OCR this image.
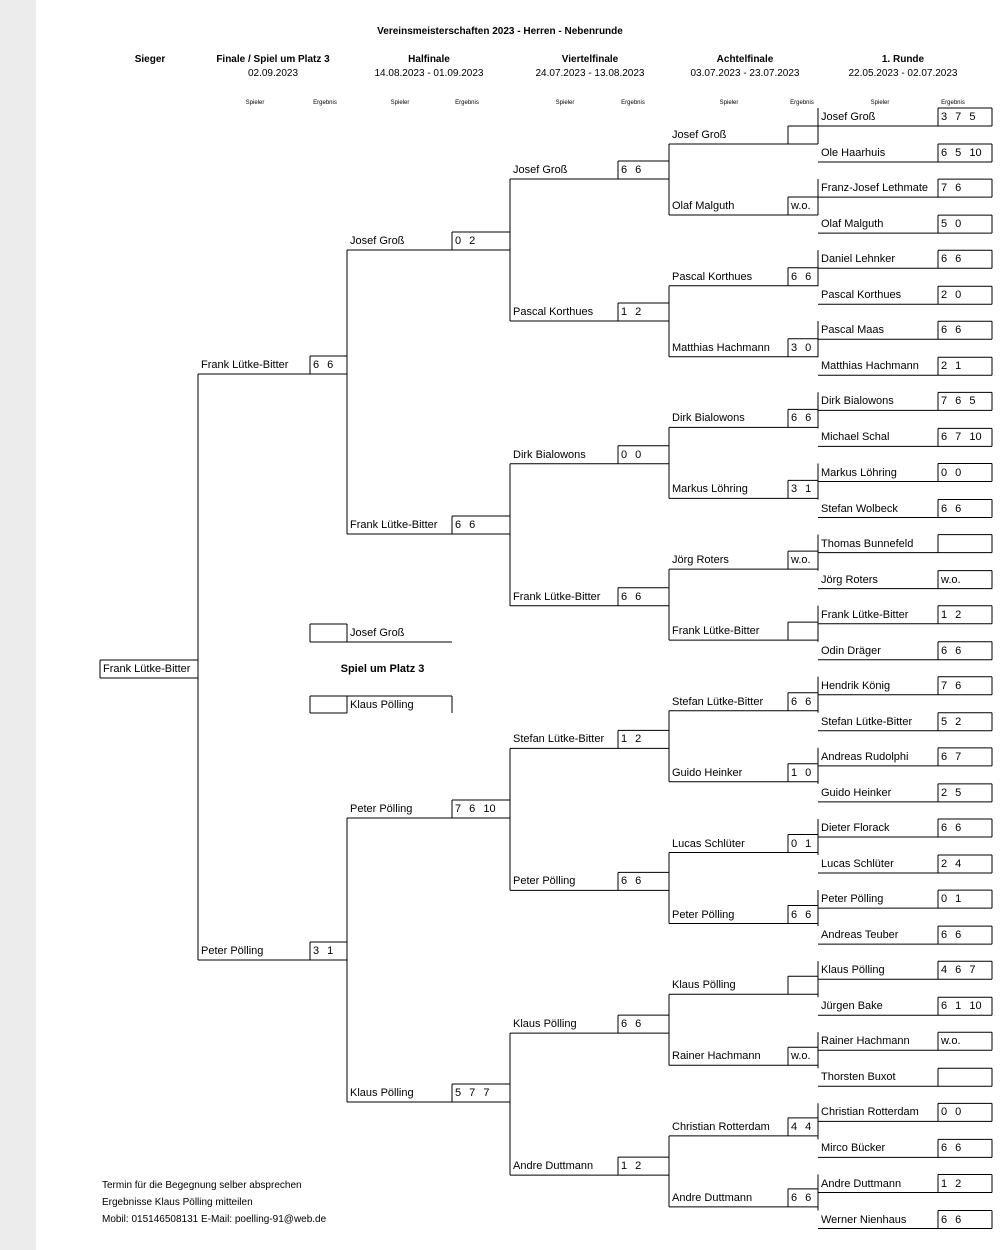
Vereinsmeisterschaften 2023 - Herren - Nebenrunde
Sieger	Finale / Spiel um Platz 3
02.09.2023
Halfinale
14.08.2023 - 01.09.2023
Viertelfinale
24.07.2023 - 13.08.2023
Achtelfinale
03.07.2023 - 23.07.2023
1. Runde
22.05.2023 - 02.07.2023
Spieler	Ergebnis	Spieler	Ergebnis	Spieler	Ergebnis	Spieler	Ergebnis	Spieler	Ergebnis
Josef Groß	3 7 5
Ole Haarhuis	6 5 10
Franz-Josef Lethmate 7 6
Olaf Malguth	5 0
Daniel Lehnker	6 6
Pascal Korthues	2 0
Pascal Maas	6 6
Matthias Hachmann 2 1
Dirk Bialowons	7 6 5
Michael Schal	6 7 10
Markus Löhring	0 0
Stefan Wolbeck	6 6
Thomas Bunnefeld
Jörg Roters	w.o.
Frank Lütke-Bitter	1 2
Odin Dräger	6 6
Hendrik König	7 6
Stefan Lütke-Bitter	5 2
Andreas Rudolphi	6 7
Guido Heinker	2 5
Dieter Florack	6 6
Lucas Schlüter	2 4
Peter Pölling	0 1
Andreas Teuber	6 6
Klaus Pölling	4 6 7
Jürgen Bake	6 1 10
Rainer Hachmann	w.o.
Thorsten Buxot
Christian Rotterdam 0 0
Mirco Bücker	6 6
Andre Duttmann	1 2
Werner Nienhaus	6 6
Josef Groß
Olaf Malguth	w.o.
Pascal Korthues	6 6
Matthias Hachmann 3 0
Dirk Bialowons	6 6
Markus Löhring	3 1
Jörg Roters	w.o.
Frank Lütke-Bitter
Stefan Lütke-Bitter	6 6
Guido Heinker	1 0
Lucas Schlüter	0 1
Peter Pölling	6 6
Klaus Pölling
Rainer Hachmann	w.o.
Christian Rotterdam 4 4
Andre Duttmann	6 6
Josef Groß	6 6
Pascal Korthues	1 2
Dirk Bialowons	0 0
Frank Lütke-Bitter 6 6
Stefan Lütke-Bitter 1 2
Peter Pölling	6 6
Klaus Pölling	6 6
Andre Duttmann	1 2
Josef Groß	0 2
Frank Lütke-Bitter 6 6
Peter Pölling	7 6 10
Klaus Pölling	5 7 7
Frank Lütke-Bitter 6 6
Peter Pölling	3 1
Frank Lütke-Bitter
Josef Groß
Spiel um Platz 3
Klaus Pölling
Termin für die Begegnung selber absprechen
Ergebnisse Klaus Pölling mitteilen
Mobil: 015146508131 E-Mail: poelling-91@web.de
